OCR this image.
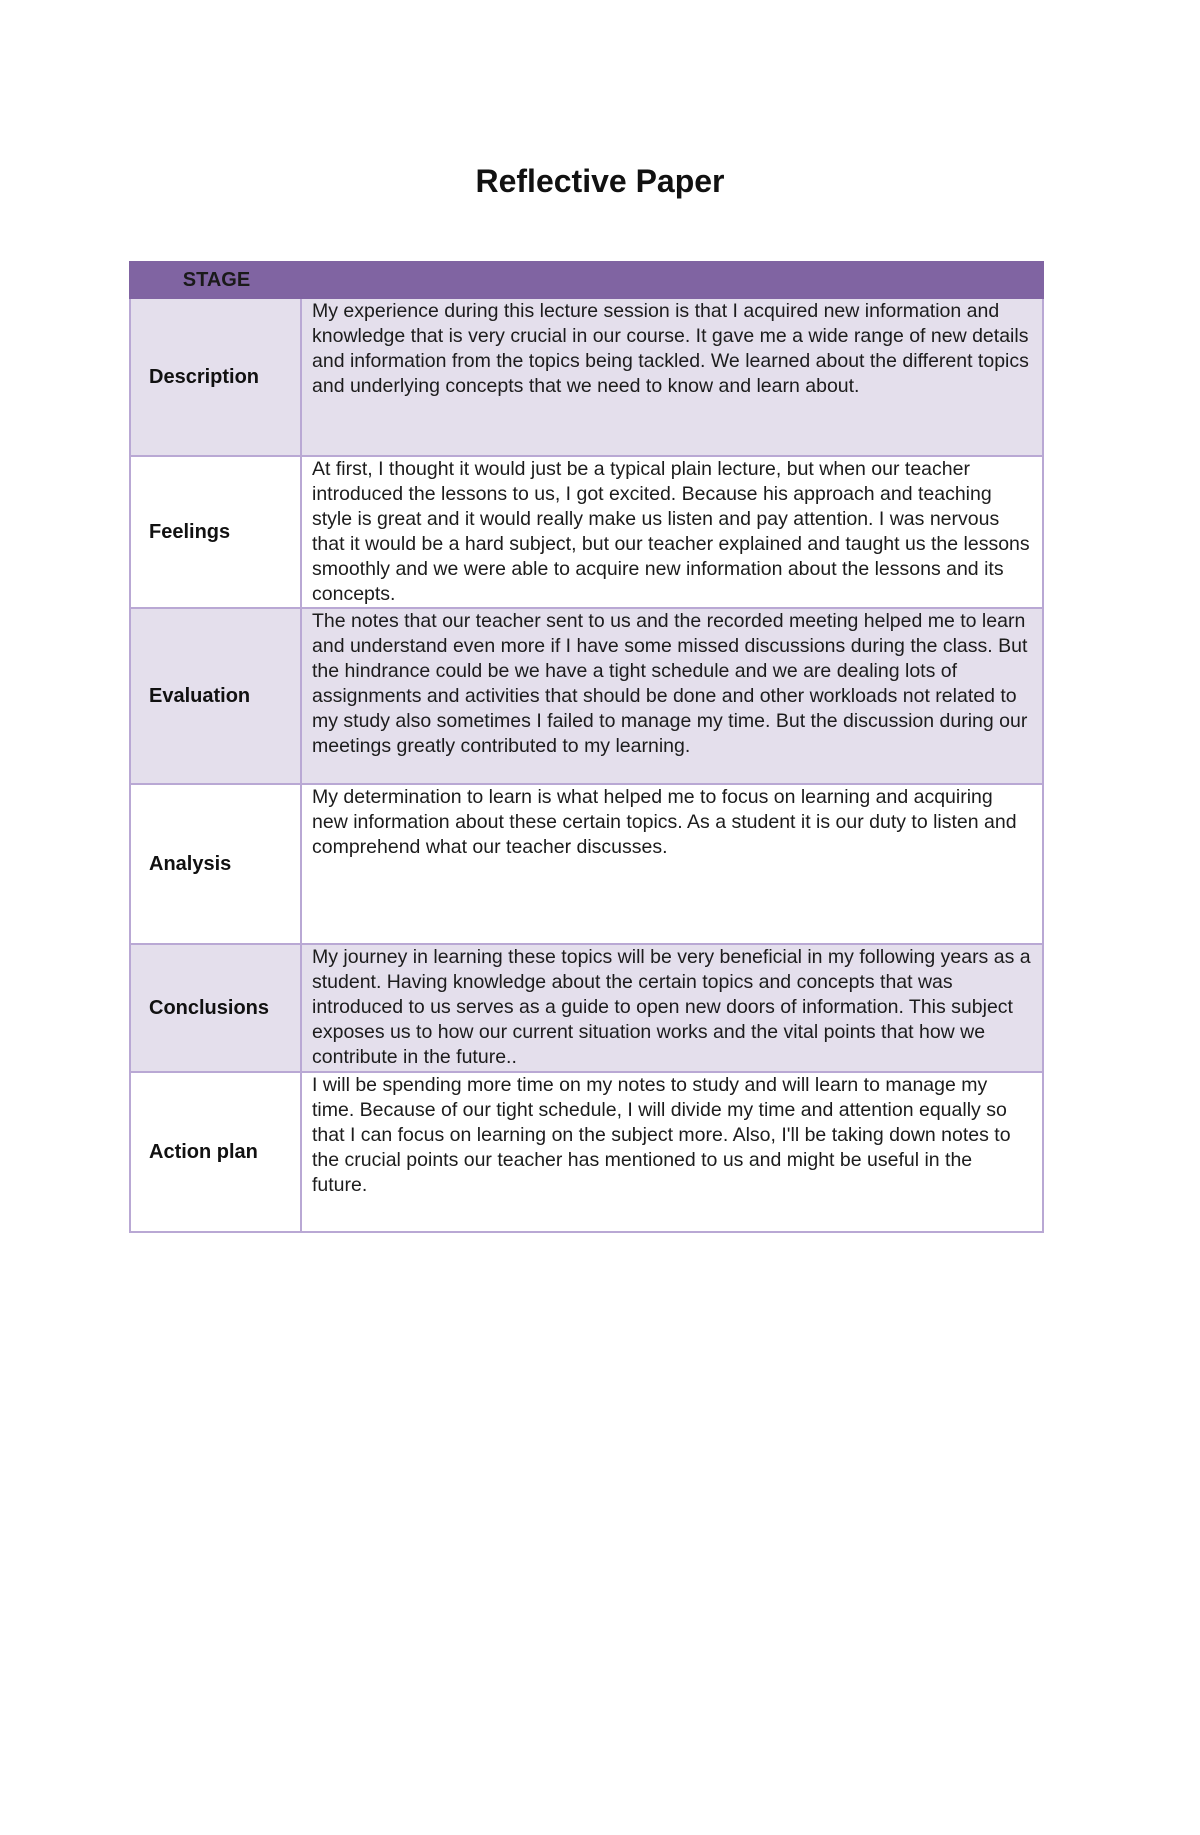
Reflective Paper
STAGE	
Description	My experience during this lecture session is that I acquired new information and knowledge that is very crucial in our course. It gave me a wide range of new details and information from the topics being tackled. We learned about the different topics and underlying concepts that we need to know and learn about.
Feelings	At first, I thought it would just be a typical plain lecture, but when our teacher introduced the lessons to us, I got excited. Because his approach and teaching style is great and it would really make us listen and pay attention. I was nervous that it would be a hard subject, but our teacher explained and taught us the lessons smoothly and we were able to acquire new information about the lessons and its concepts.
Evaluation	The notes that our teacher sent to us and the recorded meeting helped me to learn and understand even more if I have some missed discussions during the class. But the hindrance could be we have a tight schedule and we are dealing lots of assignments and activities that should be done and other workloads not related to my study also sometimes I failed to manage my time. But the discussion during our meetings greatly contributed to my learning.
Analysis	My determination to learn is what helped me to focus on learning and acquiring new information about these certain topics. As a student it is our duty to listen and comprehend what our teacher discusses.
Conclusions	My journey in learning these topics will be very beneficial in my following years as a student. Having knowledge about the certain topics and concepts that was introduced to us serves as a guide to open new doors of information. This subject exposes us to how our current situation works and the vital points that how we contribute in the future..
Action plan	I will be spending more time on my notes to study and will learn to manage my time. Because of our tight schedule, I will divide my time and attention equally so that I can focus on learning on the subject more. Also, I'll be taking down notes to the crucial points our teacher has mentioned to us and might be useful in the future.
